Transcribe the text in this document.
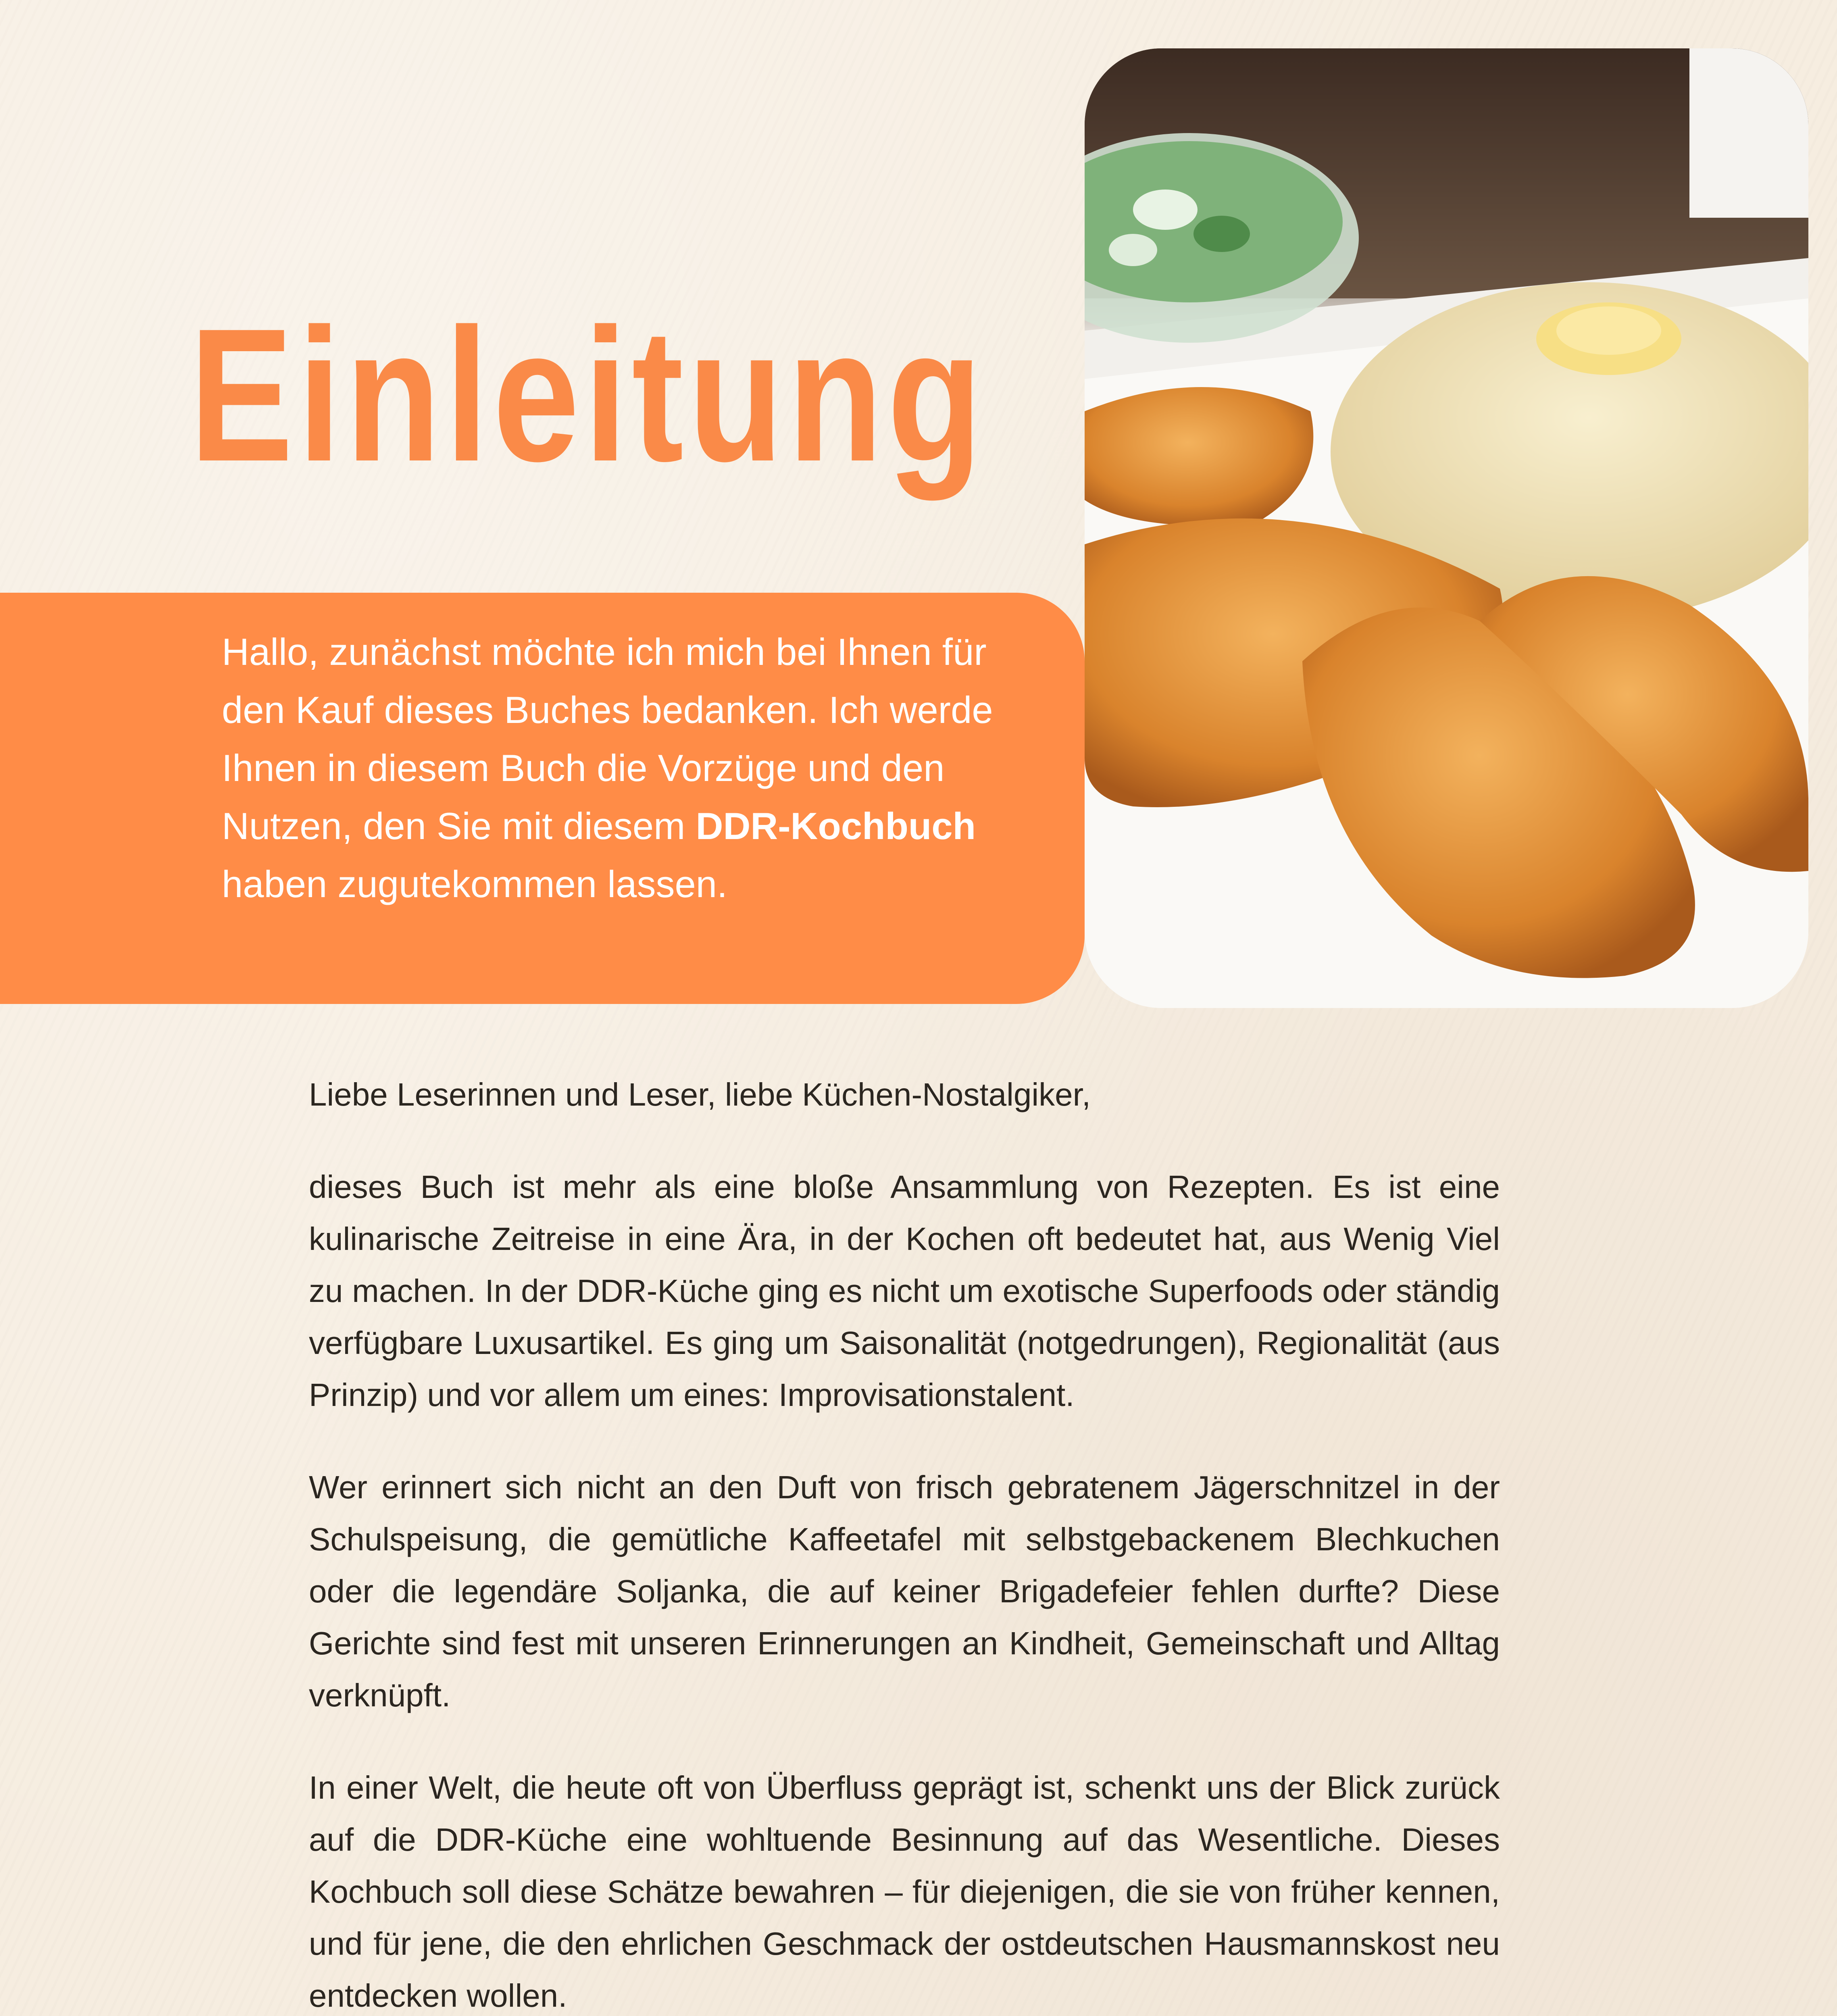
Einleitung

Hallo, zunächst möchte ich mich bei Ihnen für den Kauf dieses Buches bedanken. Ich werde Ihnen in diesem Buch die Vorzüge und den Nutzen, den Sie mit diesem DDR-Kochbuch haben zugutekommen lassen.

Liebe Leserinnen und Leser, liebe Küchen-Nostalgiker,

dieses Buch ist mehr als eine bloße Ansammlung von Rezepten. Es ist eine kulinarische Zeitreise in eine Ära, in der Kochen oft bedeutet hat, aus Wenig Viel zu machen. In der DDR-Küche ging es nicht um exotische Superfoods oder ständig verfügbare Luxusartikel. Es ging um Saisonalität (notgedrungen), Regionalität (aus Prinzip) und vor allem um eines: Improvisationstalent.

Wer erinnert sich nicht an den Duft von frisch gebratenem Jägerschnitzel in der Schulspeisung, die gemütliche Kaffeetafel mit selbstgebackenem Blechkuchen oder die legendäre Soljanka, die auf keiner Brigadefeier fehlen durfte? Diese Gerichte sind fest mit unseren Erinnerungen an Kindheit, Gemeinschaft und Alltag verknüpft.

In einer Welt, die heute oft von Überfluss geprägt ist, schenkt uns der Blick zurück auf die DDR-Küche eine wohltuende Besinnung auf das Wesentliche. Dieses Kochbuch soll diese Schätze bewahren – für diejenigen, die sie von früher kennen, und für jene, die den ehrlichen Geschmack der ostdeutschen Hausmannskost neu entdecken wollen.
